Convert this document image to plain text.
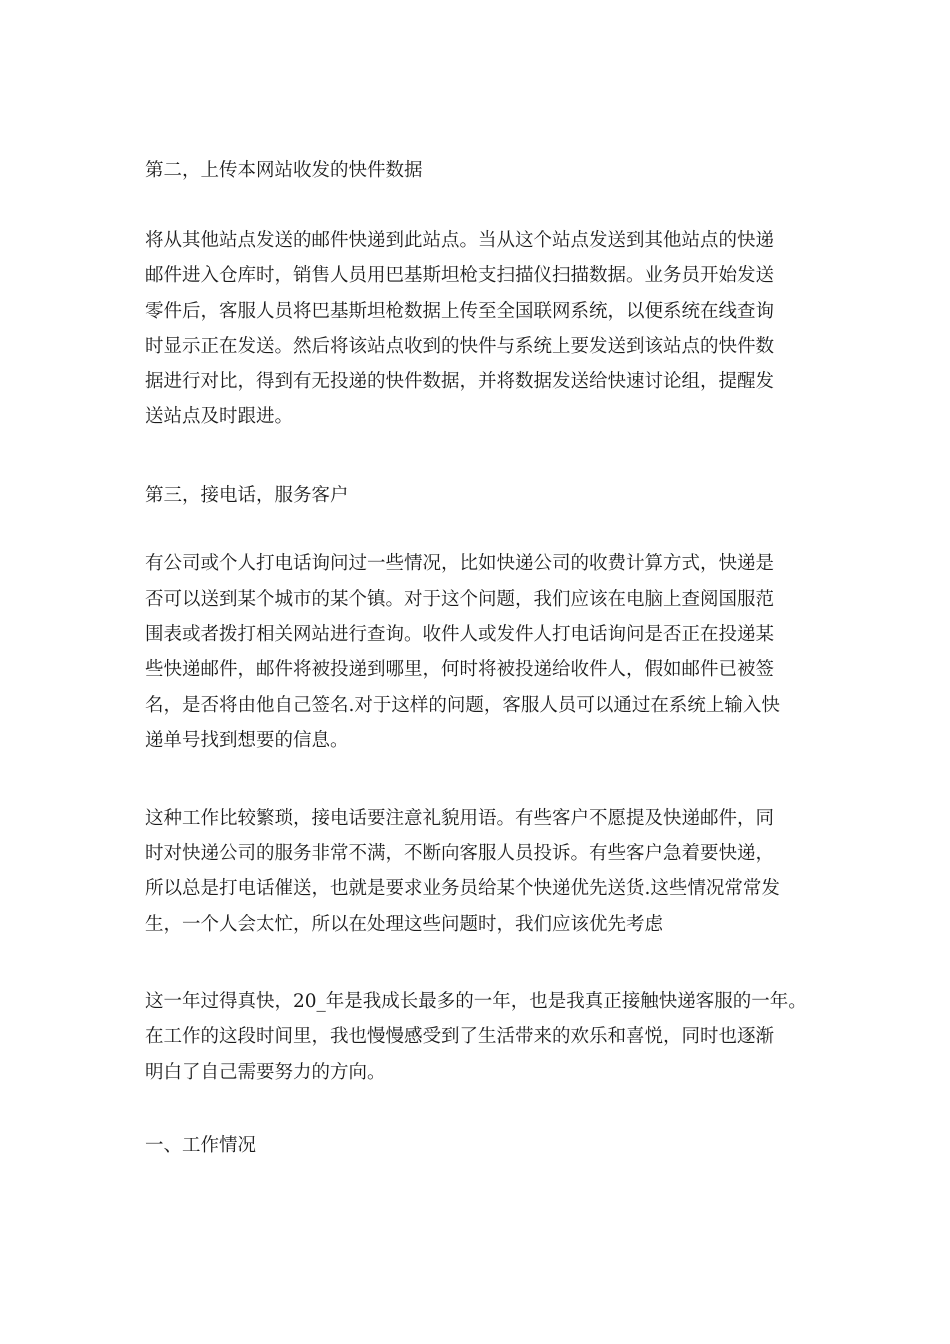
第二，上传本网站收发的快件数据
将从其他站点发送的邮件快递到此站点。当从这个站点发送到其他站点的快递
邮件进入仓库时，销售人员用巴基斯坦枪支扫描仪扫描数据。业务员开始发送
零件后，客服人员将巴基斯坦枪数据上传至全国联网系统，以便系统在线查询
时显示正在发送。然后将该站点收到的快件与系统上要发送到该站点的快件数
据进行对比，得到有无投递的快件数据，并将数据发送给快速讨论组，提醒发
送站点及时跟进。
第三，接电话，服务客户
有公司或个人打电话询问过一些情况，比如快递公司的收费计算方式，快递是
否可以送到某个城市的某个镇。对于这个问题，我们应该在电脑上查阅国服范
围表或者拨打相关网站进行查询。收件人或发件人打电话询问是否正在投递某
些快递邮件，邮件将被投递到哪里，何时将被投递给收件人，假如邮件已被签
名，是否将由他自己签名.对于这样的问题，客服人员可以通过在系统上输入快
递单号找到想要的信息。
这种工作比较繁琐，接电话要注意礼貌用语。有些客户不愿提及快递邮件，同
时对快递公司的服务非常不满，不断向客服人员投诉。有些客户急着要快递，
所以总是打电话催送，也就是要求业务员给某个快递优先送货.这些情况常常发
生，一个人会太忙，所以在处理这些问题时，我们应该优先考虑
这一年过得真快，20_年是我成长最多的一年，也是我真正接触快递客服的一年。
在工作的这段时间里，我也慢慢感受到了生活带来的欢乐和喜悦，同时也逐渐
明白了自己需要努力的方向。
一、工作情况
